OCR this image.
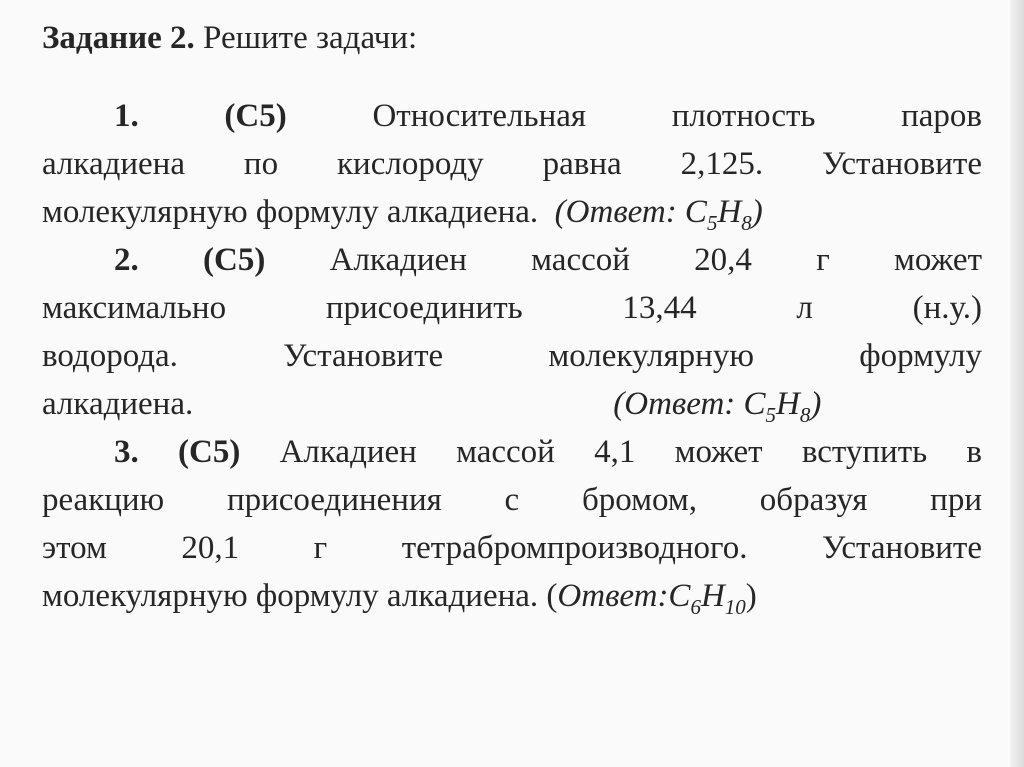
Задание 2. Решите задачи:
1. (С5)	Относительная плотность паров
алкадиена по кислороду равна 2,125. Установите
молекулярную формулу алкадиена. (Ответ: $C_5H_8$)
2. (С5) Алкадиен массой 20,4 г может
максимально присоединить 13,44 л (н.у.)
водорода. Установите молекулярную формулу
алкадиена.	(Ответ: $C_5H_8$)
3. (С5) Алкадиен массой 4,1 может вступить в
реакцию присоединения с бромом, образуя при
этом 20,1 г тетрабромпроизводного. Установите
молекулярную формулу алкадиена. $(Ответ:C_6H_{10})$
